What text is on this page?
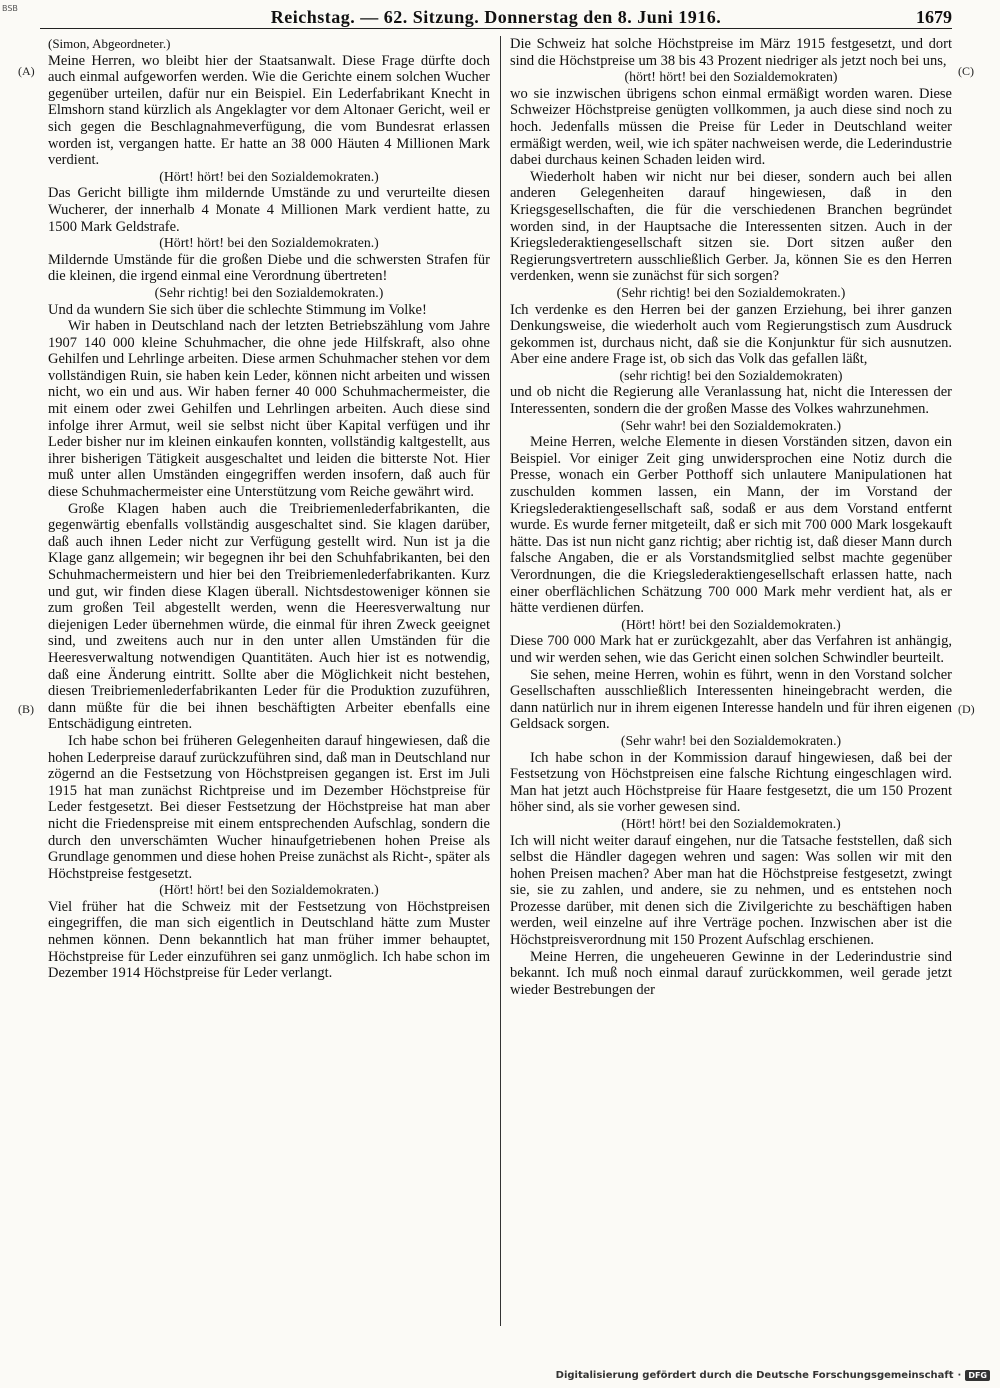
BSB	Reichstag. — 62. Sitzung. Donnerstag den 8. Juni 1916.	1679
(A)
(B)
(C)
(D)

(Simon, Abgeordneter.)

Meine Herren, wo bleibt hier der Staatsanwalt. Diese Frage dürfte doch auch einmal aufgeworfen werden. Wie die Gerichte einem solchen Wucher gegenüber urteilen, dafür nur ein Beispiel. Ein Lederfabrikant Knecht in Elmshorn stand kürzlich als Angeklagter vor dem Altonaer Gericht, weil er sich gegen die Beschlagnahmeverfügung, die vom Bundesrat erlassen worden ist, vergangen hatte. Er hatte an 38 000 Häuten 4 Millionen Mark verdient.

(Hört! hört! bei den Sozialdemokraten.)

Das Gericht billigte ihm mildernde Umstände zu und verurteilte diesen Wucherer, der innerhalb 4 Monate 4 Millionen Mark verdient hatte, zu 1500 Mark Geldstrafe.

(Hört! hört! bei den Sozialdemokraten.)

Mildernde Umstände für die großen Diebe und die schwersten Strafen für die kleinen, die irgend einmal eine Verordnung übertreten!

(Sehr richtig! bei den Sozialdemokraten.)

Und da wundern Sie sich über die schlechte Stimmung im Volke!

Wir haben in Deutschland nach der letzten Betriebszählung vom Jahre 1907 140 000 kleine Schuhmacher, die ohne jede Hilfskraft, also ohne Gehilfen und Lehrlinge arbeiten. Diese armen Schuhmacher stehen vor dem vollständigen Ruin, sie haben kein Leder, können nicht arbeiten und wissen nicht, wo ein und aus. Wir haben ferner 40 000 Schuhmachermeister, die mit einem oder zwei Gehilfen und Lehrlingen arbeiten. Auch diese sind infolge ihrer Armut, weil sie selbst nicht über Kapital verfügen und ihr Leder bisher nur im kleinen einkaufen konnten, vollständig kaltgestellt, aus ihrer bisherigen Tätigkeit ausgeschaltet und leiden die bitterste Not. Hier muß unter allen Umständen eingegriffen werden insofern, daß auch für diese Schuhmachermeister eine Unterstützung vom Reiche gewährt wird.

Große Klagen haben auch die Treibriemenlederfabrikanten, die gegenwärtig ebenfalls vollständig ausgeschaltet sind. Sie klagen darüber, daß auch ihnen Leder nicht zur Verfügung gestellt wird. Nun ist ja die Klage ganz allgemein; wir begegnen ihr bei den Schuhfabrikanten, bei den Schuhmachermeistern und hier bei den Treibriemenlederfabrikanten. Kurz und gut, wir finden diese Klagen überall. Nichtsdestoweniger können sie zum großen Teil abgestellt werden, wenn die Heeresverwaltung nur diejenigen Leder übernehmen würde, die einmal für ihren Zweck geeignet sind, und zweitens auch nur in den unter allen Umständen für die Heeresverwaltung notwendigen Quantitäten. Auch hier ist es notwendig, daß eine Änderung eintritt. Sollte aber die Möglichkeit nicht bestehen, diesen Treibriemenlederfabrikanten Leder für die Produktion zuzuführen, dann müßte für die bei ihnen beschäftigten Arbeiter ebenfalls eine Entschädigung eintreten.

Ich habe schon bei früheren Gelegenheiten darauf hingewiesen, daß die hohen Lederpreise darauf zurückzuführen sind, daß man in Deutschland nur zögernd an die Festsetzung von Höchstpreisen gegangen ist. Erst im Juli 1915 hat man zunächst Richtpreise und im Dezember Höchstpreise für Leder festgesetzt. Bei dieser Festsetzung der Höchstpreise hat man aber nicht die Friedenspreise mit einem entsprechenden Aufschlag, sondern die durch den unverschämten Wucher hinaufgetriebenen hohen Preise als Grundlage genommen und diese hohen Preise zunächst als Richt-, später als Höchstpreise festgesetzt.

(Hört! hört! bei den Sozialdemokraten.)

Viel früher hat die Schweiz mit der Festsetzung von Höchstpreisen eingegriffen, die man sich eigentlich in Deutschland hätte zum Muster nehmen können. Denn bekanntlich hat man früher immer behauptet, Höchstpreise für Leder einzuführen sei ganz unmöglich. Ich habe schon im Dezember 1914 Höchstpreise für Leder verlangt.

Die Schweiz hat solche Höchstpreise im März 1915 festgesetzt, und dort sind die Höchstpreise um 38 bis 43 Prozent niedriger als jetzt noch bei uns,

(hört! hört! bei den Sozialdemokraten)

wo sie inzwischen übrigens schon einmal ermäßigt worden waren. Diese Schweizer Höchstpreise genügten vollkommen, ja auch diese sind noch zu hoch. Jedenfalls müssen die Preise für Leder in Deutschland weiter ermäßigt werden, weil, wie ich später nachweisen werde, die Lederindustrie dabei durchaus keinen Schaden leiden wird.

Wiederholt haben wir nicht nur bei dieser, sondern auch bei allen anderen Gelegenheiten darauf hingewiesen, daß in den Kriegsgesellschaften, die für die verschiedenen Branchen begründet worden sind, in der Hauptsache die Interessenten sitzen. Auch in der Kriegslederaktiengesellschaft sitzen sie. Dort sitzen außer den Regierungsvertretern ausschließlich Gerber. Ja, können Sie es den Herren verdenken, wenn sie zunächst für sich sorgen?

(Sehr richtig! bei den Sozialdemokraten.)

Ich verdenke es den Herren bei der ganzen Erziehung, bei ihrer ganzen Denkungsweise, die wiederholt auch vom Regierungstisch zum Ausdruck gekommen ist, durchaus nicht, daß sie die Konjunktur für sich ausnutzen. Aber eine andere Frage ist, ob sich das Volk das gefallen läßt,

(sehr richtig! bei den Sozialdemokraten)

und ob nicht die Regierung alle Veranlassung hat, nicht die Interessen der Interessenten, sondern die der großen Masse des Volkes wahrzunehmen.

(Sehr wahr! bei den Sozialdemokraten.)

Meine Herren, welche Elemente in diesen Vorständen sitzen, davon ein Beispiel. Vor einiger Zeit ging unwidersprochen eine Notiz durch die Presse, wonach ein Gerber Potthoff sich unlautere Manipulationen hat zuschulden kommen lassen, ein Mann, der im Vorstand der Kriegslederaktiengesellschaft saß, sodaß er aus dem Vorstand entfernt wurde. Es wurde ferner mitgeteilt, daß er sich mit 700 000 Mark losgekauft hätte. Das ist nun nicht ganz richtig; aber richtig ist, daß dieser Mann durch falsche Angaben, die er als Vorstandsmitglied selbst machte gegenüber Verordnungen, die die Kriegslederaktiengesellschaft erlassen hatte, nach einer oberflächlichen Schätzung 700 000 Mark mehr verdient hat, als er hätte verdienen dürfen.

(Hört! hört! bei den Sozialdemokraten.)

Diese 700 000 Mark hat er zurückgezahlt, aber das Verfahren ist anhängig, und wir werden sehen, wie das Gericht einen solchen Schwindler beurteilt.

Sie sehen, meine Herren, wohin es führt, wenn in den Vorstand solcher Gesellschaften ausschließlich Interessenten hineingebracht werden, die dann natürlich nur in ihrem eigenen Interesse handeln und für ihren eigenen Geldsack sorgen.

(Sehr wahr! bei den Sozialdemokraten.)

Ich habe schon in der Kommission darauf hingewiesen, daß bei der Festsetzung von Höchstpreisen eine falsche Richtung eingeschlagen wird. Man hat jetzt auch Höchstpreise für Haare festgesetzt, die um 150 Prozent höher sind, als sie vorher gewesen sind.

(Hört! hört! bei den Sozialdemokraten.)

Ich will nicht weiter darauf eingehen, nur die Tatsache feststellen, daß sich selbst die Händler dagegen wehren und sagen: Was sollen wir mit den hohen Preisen machen? Aber man hat die Höchstpreise festgesetzt, zwingt sie, sie zu zahlen, und andere, sie zu nehmen, und es entstehen noch Prozesse darüber, mit denen sich die Zivilgerichte zu beschäftigen haben werden, weil einzelne auf ihre Verträge pochen. Inzwischen aber ist die Höchstpreisverordnung mit 150 Prozent Aufschlag erschienen.

Meine Herren, die ungeheueren Gewinne in der Lederindustrie sind bekannt. Ich muß noch einmal darauf zurückkommen, weil gerade jetzt wieder Bestrebungen der

Digitalisierung gefördert durch die Deutsche Forschungsgemeinschaft · DFG
